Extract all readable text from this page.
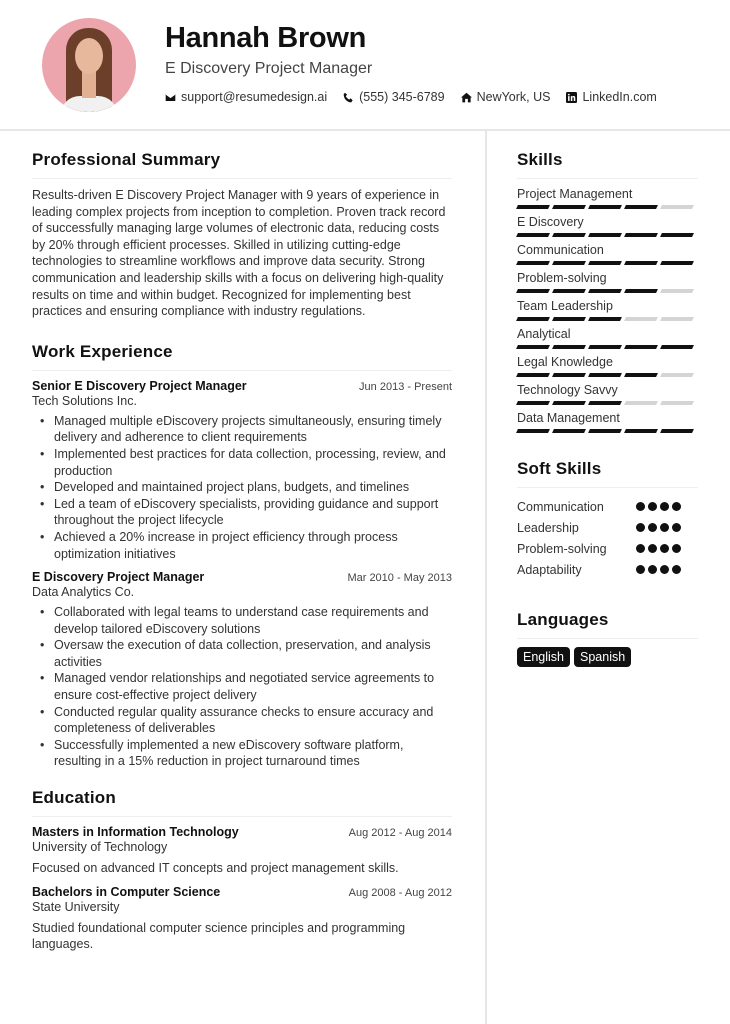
Hannah Brown
E Discovery Project Manager
support@resumedesign.ai	(555) 345-6789	NewYork, US	LinkedIn.com
Professional Summary

Results-driven E Discovery Project Manager with 9 years of experience in leading complex projects from inception to completion. Proven track record of successfully managing large volumes of electronic data, reducing costs by 20% through efficient processes. Skilled in utilizing cutting-edge technologies to streamline workflows and improve data security. Strong communication and leadership skills with a focus on delivering high-quality results on time and within budget. Recognized for implementing best practices and ensuring compliance with industry regulations.

Work Experience
Senior E Discovery Project Manager	Jun 2013 - Present
Tech Solutions Inc.
• Managed multiple eDiscovery projects simultaneously, ensuring timely delivery and adherence to client requirements
• Implemented best practices for data collection, processing, review, and production
• Developed and maintained project plans, budgets, and timelines
• Led a team of eDiscovery specialists, providing guidance and support throughout the project lifecycle
• Achieved a 20% increase in project efficiency through process optimization initiatives
E Discovery Project Manager	Mar 2010 - May 2013
Data Analytics Co.
• Collaborated with legal teams to understand case requirements and develop tailored eDiscovery solutions
• Oversaw the execution of data collection, preservation, and analysis activities
• Managed vendor relationships and negotiated service agreements to ensure cost-effective project delivery
• Conducted regular quality assurance checks to ensure accuracy and completeness of deliverables
• Successfully implemented a new eDiscovery software platform, resulting in a 15% reduction in project turnaround times
Education
Masters in Information Technology	Aug 2012 - Aug 2014
University of Technology
Focused on advanced IT concepts and project management skills.
Bachelors in Computer Science	Aug 2008 - Aug 2012
State University
Studied foundational computer science principles and programming languages.
Skills
Project Management
E Discovery
Communication
Problem-solving
Team Leadership
Analytical
Legal Knowledge
Technology Savvy
Data Management
Soft Skills
Communication
Leadership
Problem-solving
Adaptability
Languages
English	Spanish
